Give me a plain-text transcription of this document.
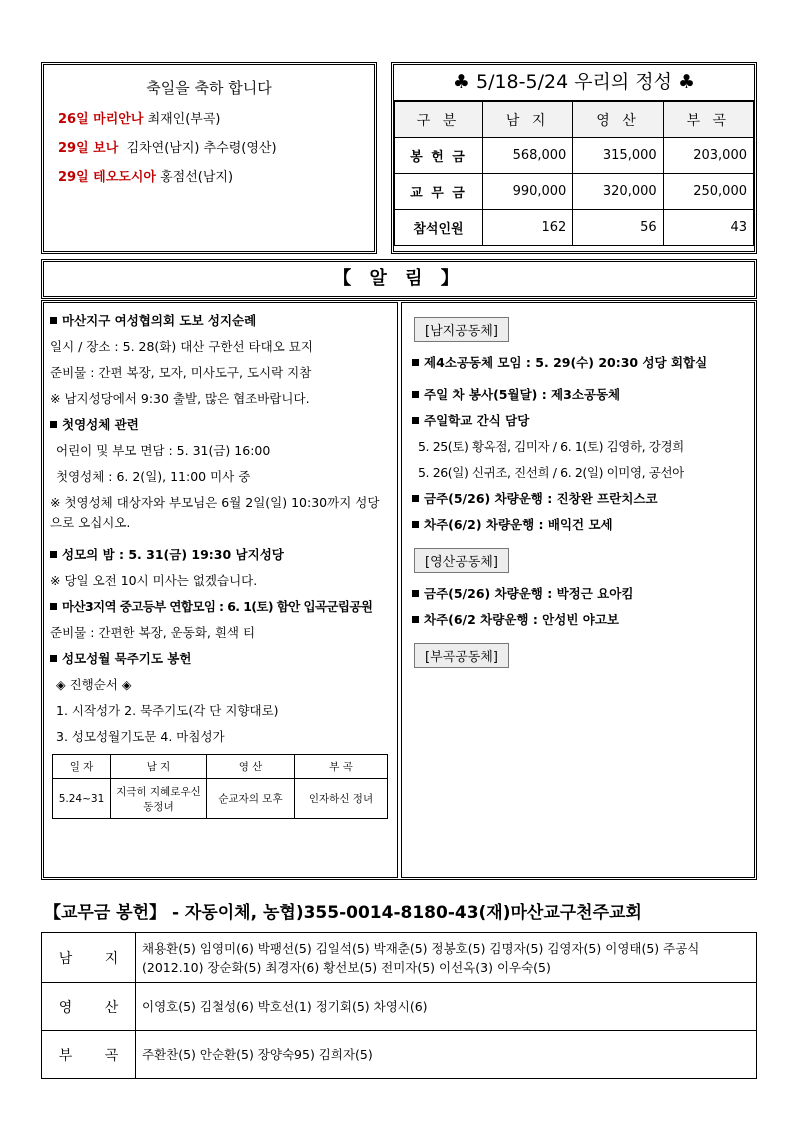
축일을 축하 합니다
26일 마리안나 최재인(부곡)
29일 보나 김차연(남지) 추수령(영산)
29일 테오도시아 홍점선(남지)
♣ 5/18-5/24 우리의 정성 ♣
구 분	남 지	영 산	부 곡
봉 헌 금	568,000	315,000	203,000
교 무 금	990,000	320,000	250,000
참석인원	162	56	43
【 알 림 】
마산지구 여성협의회 도보 성지순례
일시 / 장소 : 5. 28(화) 대산 구한선 타대오 묘지
준비물 : 간편 복장, 모자, 미사도구, 도시락 지참
※ 남지성당에서 9:30 출발, 많은 협조바랍니다.
첫영성체 관련
어린이 및 부모 면담 : 5. 31(금) 16:00
첫영성체 : 6. 2(일), 11:00 미사 중
※ 첫영성체 대상자와 부모님은 6월 2일(일) 10:30까지 성당으로 오십시오.
성모의 밤 : 5. 31(금) 19:30 남지성당
※ 당일 오전 10시 미사는 없겠습니다.
마산3지역 중고등부 연합모임 : 6. 1(토) 함안 입곡군립공원
준비물 : 간편한 복장, 운동화, 흰색 티
성모성월 묵주기도 봉헌
◈ 진행순서 ◈
1. 시작성가 2. 묵주기도(각 단 지향대로)
3. 성모성월기도문 4. 마침성가
일 자	남 지	영 산	부 곡
5.24~31	지극히 지혜로우신 동정녀	순교자의 모후	인자하신 정녀
[남지공동체]
제4소공동체 모임 : 5. 29(수) 20:30 성당 회합실
주일 차 봉사(5월달) : 제3소공동체
주일학교 간식 담당
5. 25(토) 황옥점, 김미자 / 6. 1(토) 김영하, 강경희
5. 26(일) 신귀조, 진선희 / 6. 2(일) 이미영, 공선아
금주(5/26) 차량운행 : 진창완 프란치스코
차주(6/2) 차량운행 : 배익건 모세
[영산공동체]
금주(5/26) 차량운행 : 박정근 요아킴
차주(6/2 차량운행 : 안성빈 야고보
[부곡공동체]
【교무금 봉헌】 - 자동이체, 농협)355-0014-8180-43(재)마산교구천주교회
남 지	채용환(5) 임영미(6) 박팽선(5) 김일석(5) 박재춘(5) 정봉호(5) 김명자(5) 김영자(5) 이영태(5) 주공식(2012.10) 장순화(5) 최경자(6) 황선보(5) 전미자(5) 이선옥(3) 이우숙(5)
영 산	이영호(5) 김철성(6) 박호선(1) 정기회(5) 차영시(6)
부 곡	주환찬(5) 안순환(5) 장양숙95) 김희자(5)
